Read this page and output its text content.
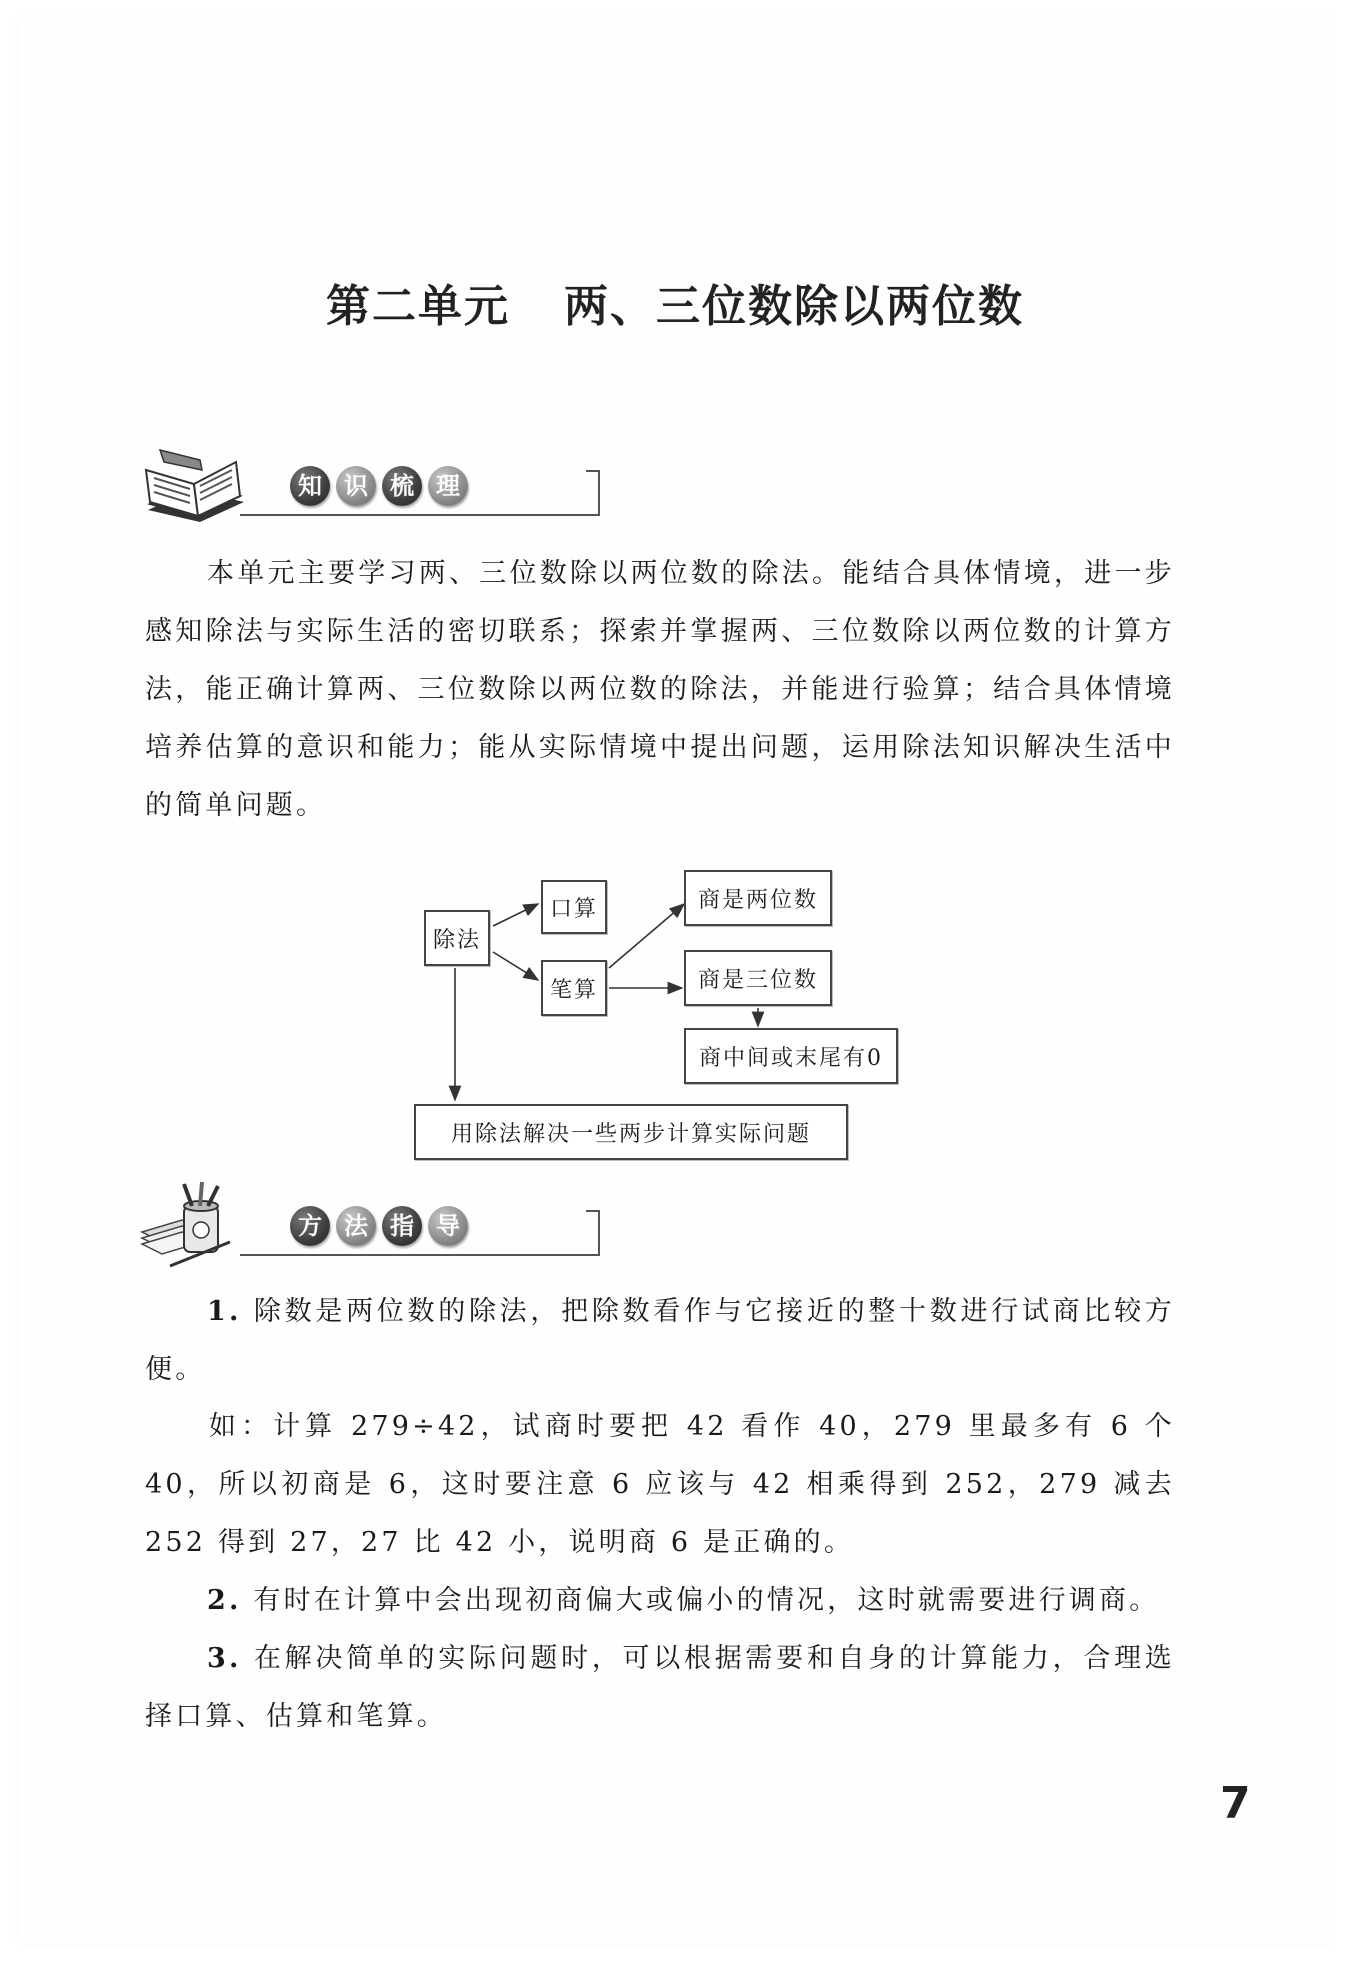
第二单元 两、三位数除以两位数
知 识 梳 理
本单元主要学习两、三位数除以两位数的除法。能结合具体情境，进一步感知除法与实际生活的密切联系；探索并掌握两、三位数除以两位数的计算方法，能正确计算两、三位数除以两位数的除法，并能进行验算；结合具体情境培养估算的意识和能力；能从实际情境中提出问题，运用除法知识解决生活中的简单问题。
除法
口算
笔算
商是两位数
商是三位数
商中间或末尾有0
用除法解决一些两步计算实际问题
方 法 指 导
1. 除数是两位数的除法，把除数看作与它接近的整十数进行试商比较方便。
如：计算 279÷42，试商时要把 42 看作 40，279 里最多有 6 个 40，所以初商是 6，这时要注意 6 应该与 42 相乘得到 252，279 减去 252 得到 27，27 比 42 小，说明商 6 是正确的。
2. 有时在计算中会出现初商偏大或偏小的情况，这时就需要进行调商。
3. 在解决简单的实际问题时，可以根据需要和自身的计算能力，合理选择口算、估算和笔算。
7
